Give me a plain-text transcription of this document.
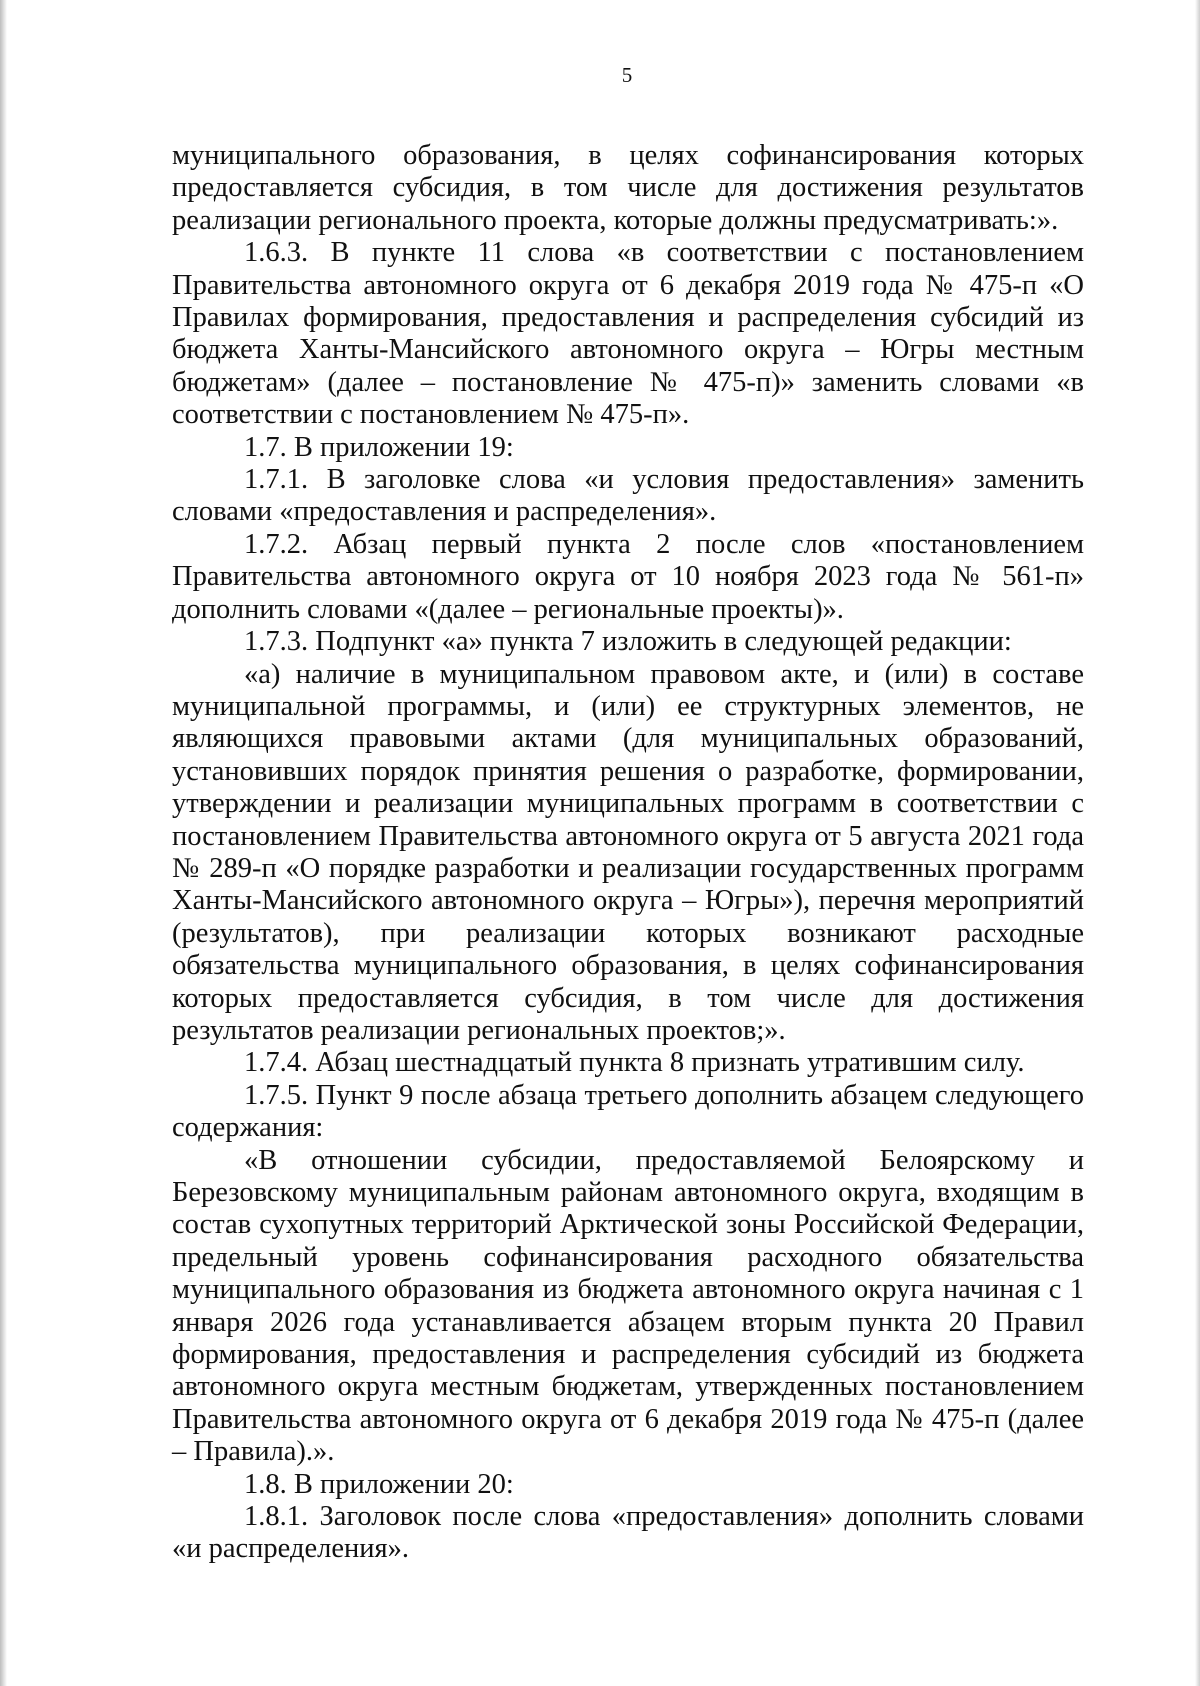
5

муниципального образования, в целях софинансирования которых предоставляется субсидия, в том числе для достижения результатов реализации регионального проекта, которые должны предусматривать:».

1.6.3. В пункте 11 слова «в соответствии с постановлением Правительства автономного округа от 6 декабря 2019 года № 475-п «О Правилах формирования, предоставления и распределения субсидий из бюджета Ханты-Мансийского автономного округа – Югры местным бюджетам» (далее – постановление № 475-п)» заменить словами «в соответствии с постановлением № 475-п».

1.7. В приложении 19:

1.7.1. В заголовке слова «и условия предоставления» заменить словами «предоставления и распределения».

1.7.2. Абзац первый пункта 2 после слов «постановлением Правительства автономного округа от 10 ноября 2023 года № 561-п» дополнить словами «(далее – региональные проекты)».

1.7.3. Подпункт «а» пункта 7 изложить в следующей редакции:

«а) наличие в муниципальном правовом акте, и (или) в составе муниципальной программы, и (или) ее структурных элементов, не являющихся правовыми актами (для муниципальных образований, установивших порядок принятия решения о разработке, формировании, утверждении и реализации муниципальных программ в соответствии с постановлением Правительства автономного округа от 5 августа 2021 года № 289-п «О порядке разработки и реализации государственных программ Ханты-Мансийского автономного округа – Югры»), перечня мероприятий (результатов), при реализации которых возникают расходные обязательства муниципального образования, в целях софинансирования которых предоставляется субсидия, в том числе для достижения результатов реализации региональных проектов;».

1.7.4. Абзац шестнадцатый пункта 8 признать утратившим силу.

1.7.5. Пункт 9 после абзаца третьего дополнить абзацем следующего содержания:

«В отношении субсидии, предоставляемой Белоярскому и Березовскому муниципальным районам автономного округа, входящим в состав сухопутных территорий Арктической зоны Российской Федерации, предельный уровень софинансирования расходного обязательства муниципального образования из бюджета автономного округа начиная с 1 января 2026 года устанавливается абзацем вторым пункта 20 Правил формирования, предоставления и распределения субсидий из бюджета автономного округа местным бюджетам, утвержденных постановлением Правительства автономного округа от 6 декабря 2019 года № 475-п (далее – Правила).».

1.8. В приложении 20:

1.8.1. Заголовок после слова «предоставления» дополнить словами «и распределения».
